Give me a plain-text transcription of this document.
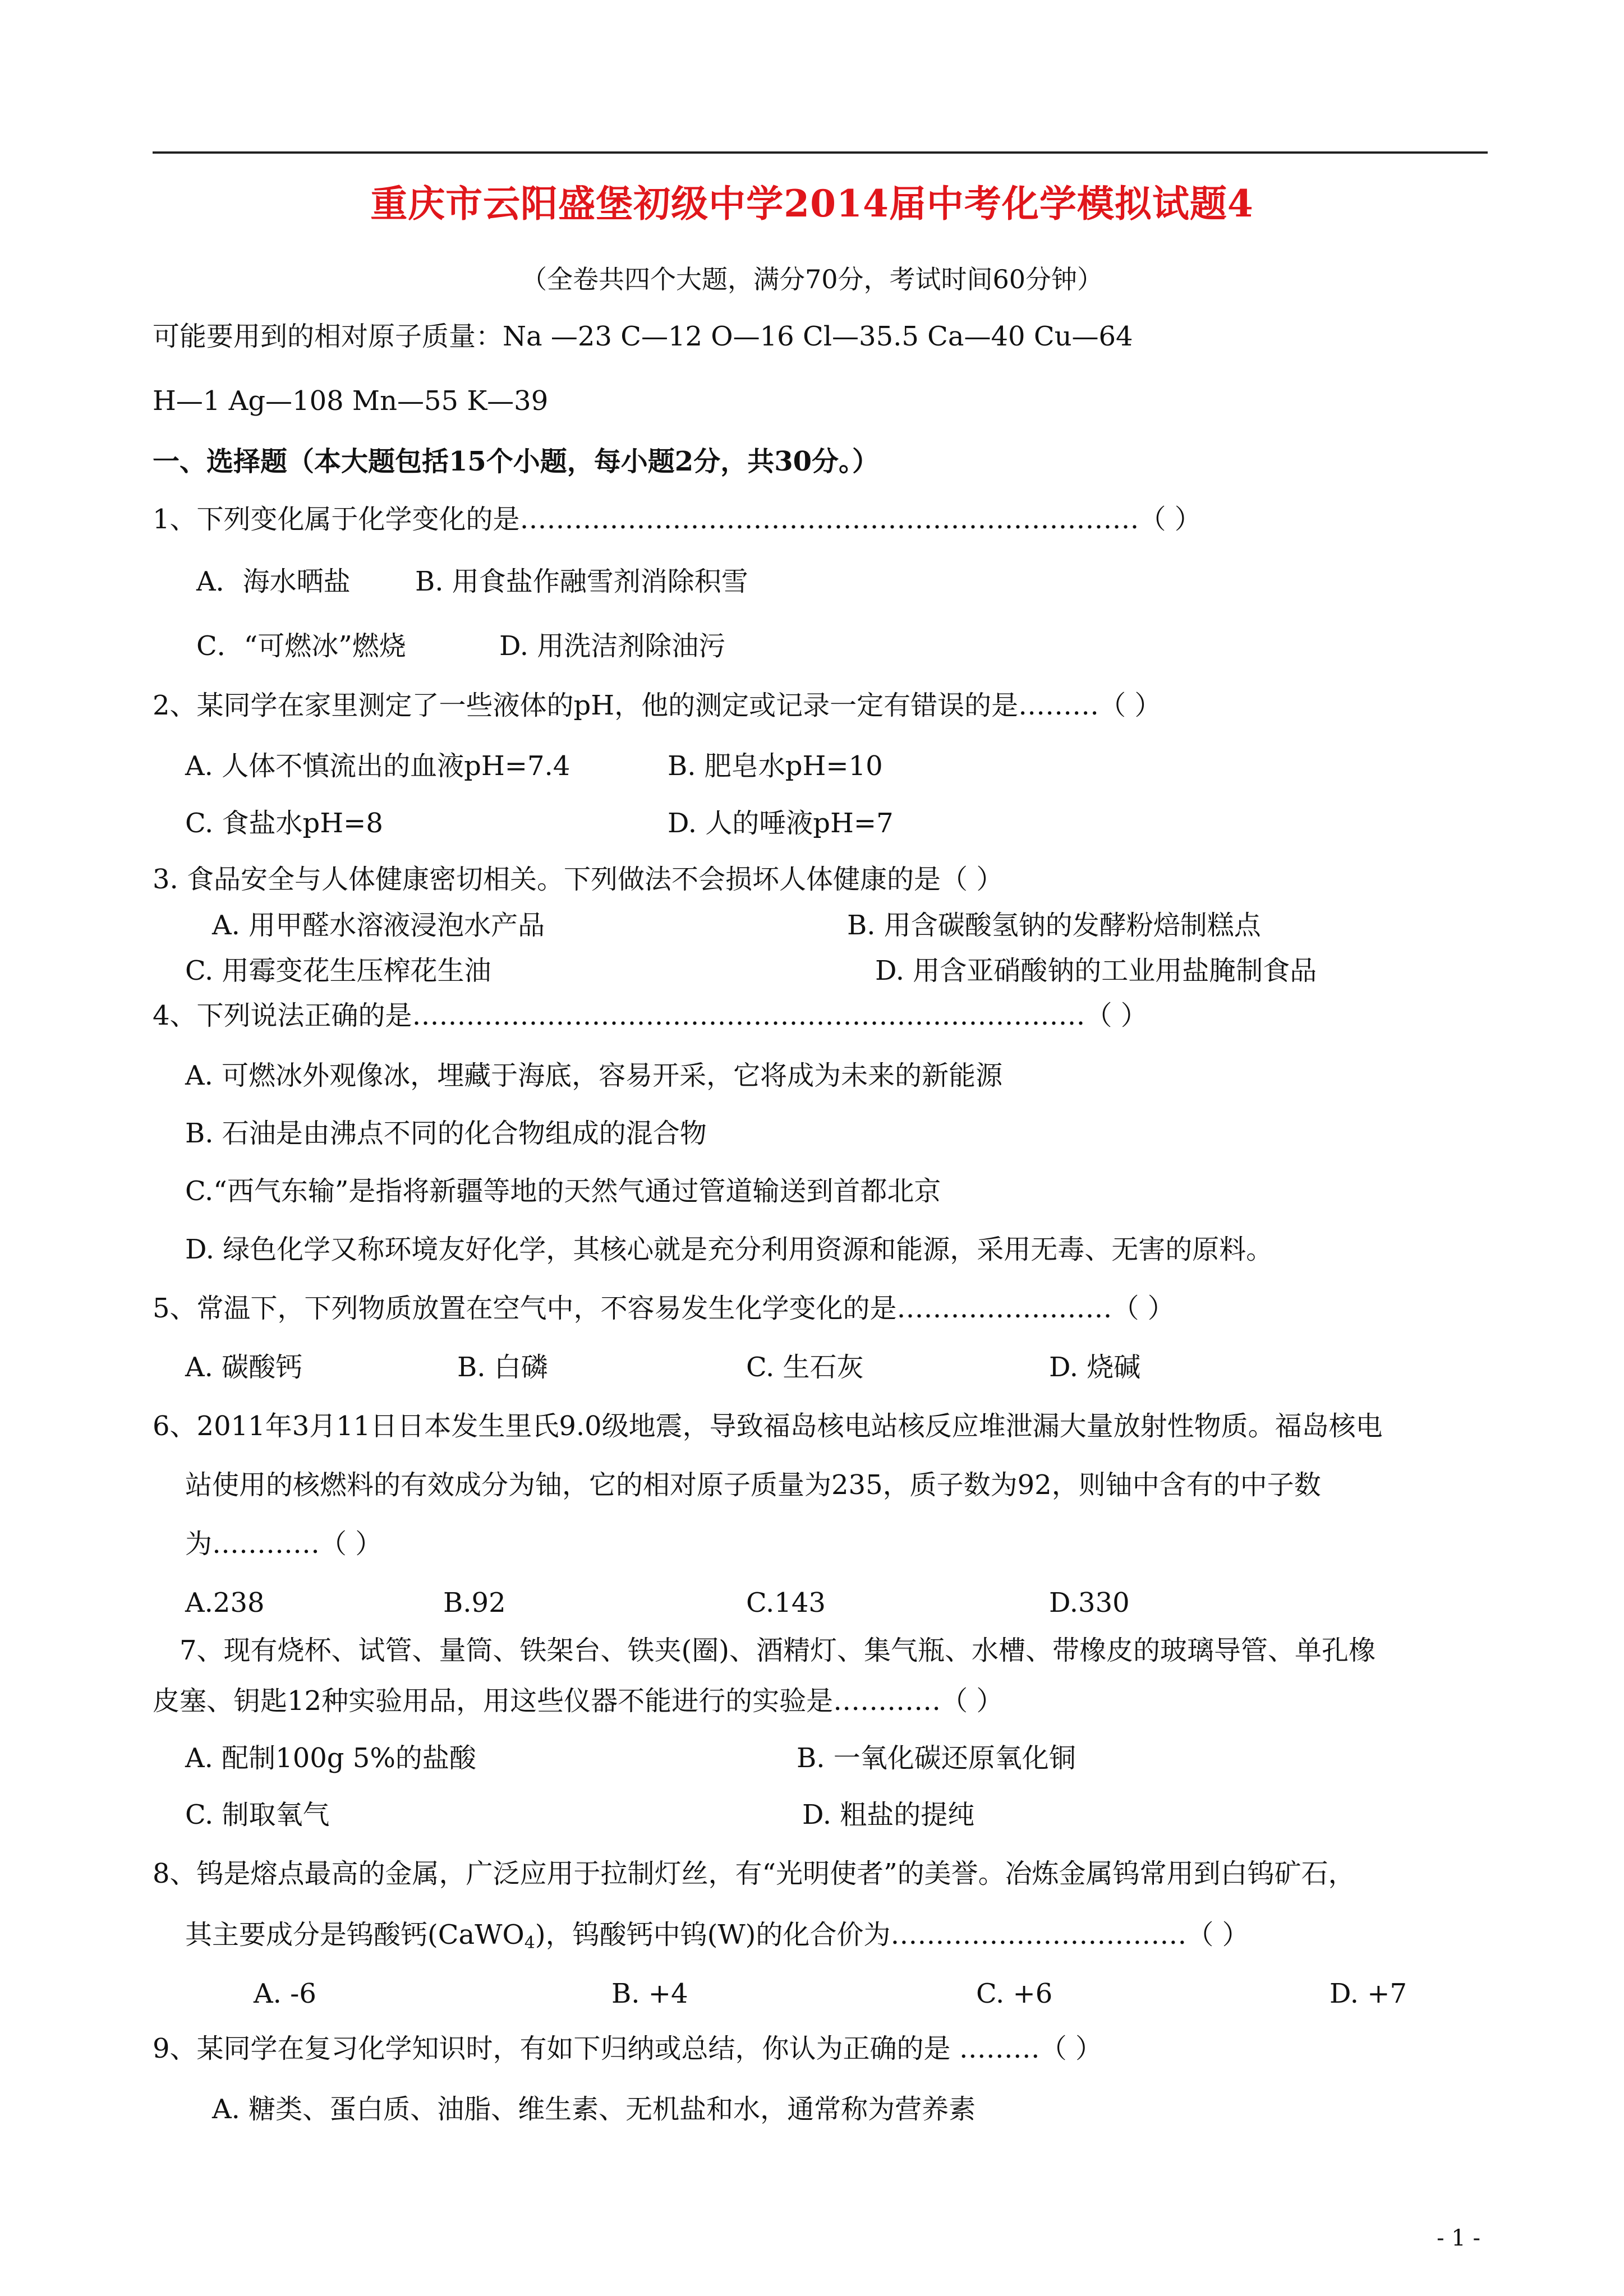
重庆市云阳盛堡初级中学2014届中考化学模拟试题4
（全卷共四个大题，满分70分，考试时间60分钟）
可能要用到的相对原子质量：Na —23 C—12 O—16 Cl—35.5 Ca—40 Cu—64
H—1 Ag—108 Mn—55 K—39
一、选择题（本大题包括15个小题，每小题2分，共30分。）
1、下列变化属于化学变化的是……………………………………………………………（ ）
A．海水晒盐 B. 用食盐作融雪剂消除积雪
C．“可燃冰”燃烧	D. 用洗洁剂除油污
2、某同学在家里测定了一些液体的pH，他的测定或记录一定有错误的是………（ ）
A. 人体不慎流出的血液pH=7.4	B. 肥皂水pH=10
C. 食盐水pH=8	D. 人的唾液pH=7
3. 食品安全与人体健康密切相关。下列做法不会损坏人体健康的是（ ）
A. 用甲醛水溶液浸泡水产品	B. 用含碳酸氢钠的发酵粉焙制糕点
C. 用霉变花生压榨花生油	D. 用含亚硝酸钠的工业用盐腌制食品
4、下列说法正确的是…………………………………………………………………（ ）
A. 可燃冰外观像冰，埋藏于海底，容易开采，它将成为未来的新能源
B. 石油是由沸点不同的化合物组成的混合物
C.“西气东输”是指将新疆等地的天然气通过管道输送到首都北京
D. 绿色化学又称环境友好化学，其核心就是充分利用资源和能源，采用无毒、无害的原料。
5、常温下，下列物质放置在空气中，不容易发生化学变化的是……………………（ ）
A. 碳酸钙	B. 白磷	C. 生石灰	D. 烧碱
6、2011年3月11日日本发生里氏9.0级地震，导致福岛核电站核反应堆泄漏大量放射性物质。福岛核电
站使用的核燃料的有效成分为铀，它的相对原子质量为235，质子数为92，则铀中含有的中子数
为…………（ ）
A.238	B.92	C.143	D.330
7、现有烧杯、试管、量筒、铁架台、铁夹(圈)、酒精灯、集气瓶、水槽、带橡皮的玻璃导管、单孔橡
皮塞、钥匙12种实验用品，用这些仪器不能进行的实验是…………（ ）
A. 配制100g 5%的盐酸	B. 一氧化碳还原氧化铜
C. 制取氧气	D. 粗盐的提纯
8、钨是熔点最高的金属，广泛应用于拉制灯丝，有“光明使者”的美誉。冶炼金属钨常用到白钨矿石，
其主要成分是钨酸钙(CaWO$_4$)，钨酸钙中钨(W)的化合价为……………………………（ ）
A. -6	B. +4	C. +6	D. +7
9、某同学在复习化学知识时，有如下归纳或总结，你认为正确的是 ………（ ）
A. 糖类、蛋白质、油脂、维生素、无机盐和水，通常称为营养素
- 1 -
